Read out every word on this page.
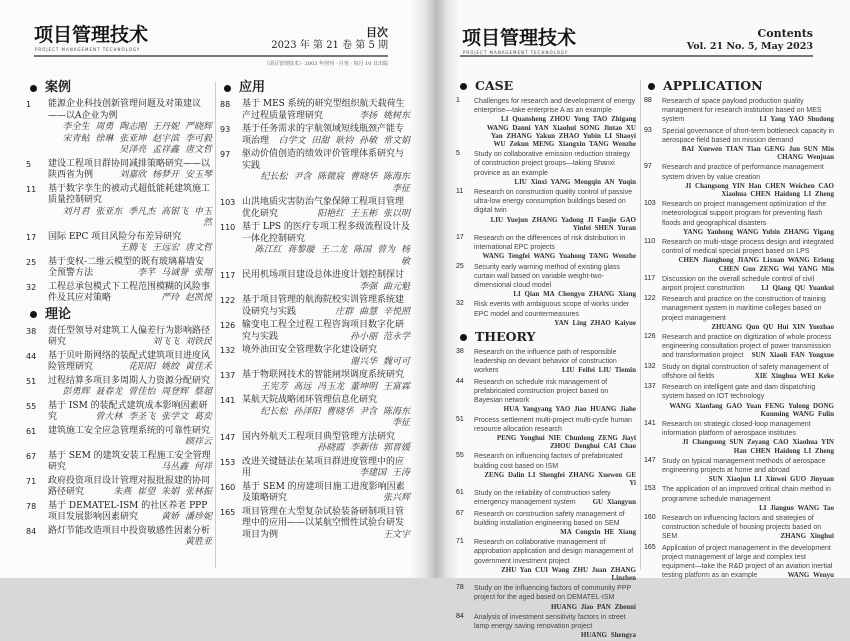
项目管理技术
PROJECT MANAGEMENT TECHNOLOGY
目次
2023 年 第 21 卷 第 5 期
（项目管理技术）· 2003 年创刊 · 月刊 · 每月 10 日出版
案例
1	能源企业科技创新管理问题及对策建议——以A企业为例
李全生 周勇 陶志刚 王丹妮 严晓辉 宋青鲇 徐琳 张亚坤 赵宇滨 李可毅 吴泽亮 孟祥鑫 唐文哲
5	建设工程项目群协同减排策略研究——以陕西省为例	刘嘉欣 杨梦开 安玉琴
11	基于数字孪生的被动式超低能耗建筑施工质量控制研究
刘月君 张亚东 季凡杰 高银飞 申玉然
17	国际 EPC 项目风险分布差异研究
王腾飞 王远宏 唐文哲
25	基于变权-二维云模型的既有玻璃幕墙安全预警方法	李芊 马诚誉 张翔
32	工程总承包模式下工程范围模糊的风险事件及其应对策略	严玲 赵凯悦
理论
38	责任型领导对建筑工人偏差行为影响路径研究	刘飞飞 刘铁民
44	基于贝叶斯网络的装配式建筑项目进度风险管理研究	花阳阳 姚皎 黄佳禾
51	过程结算多项目多周期人力资源分配研究
彭勇辉 聂春龙 曾佳怡 周登辉 蔡超
55	基于 ISM 的装配式建筑成本影响因素研究	曾大林 李圣飞 张学文 葛奕
61	建筑施工安全应急管理系统的可靠性研究
顾祥云
67	基于 SEM 的建筑安装工程施工安全管理研究	马丛鑫 何祥
71	政府投资项目设计管理对报批报建的协同路径研究	朱燕 崔望 朱娟 张林振
78	基于 DEMATEL-ISM 的社区养老 PPP 项目发展影响因素研究	黄娇 潘珍妮
84	路灯节能改造项目中投资敏感性因素分析
黄胜亚
应用
88	基于 MES 系统的研究型组织航天载荷生产过程质量管理研究	李扬 姚树东
93	基于任务需求的宇航领域短线瓶颈产能专项治理 白学文 田甜 耿钧 孙敏 常文娟
97	驱动价值创造的绩效评价管理体系研究与实践
纪长松 尹含 陈微宸 曹晓华 陈海东 李征
103 山洪地质灾害防治气象保障工程项目管理优化研究	阳艳红 王玉彬 张以明
110 基于 LPS 的医疗专项工程多级流程设计及一体化控制研究
陈江红 蒋黎璇 王二龙 陈国 曾为 杨敏
117 民用机场项目建设总体进度计划控制探讨
李强 曲元魁
122 基于项目管理的航海院校实训管理系统建设研究与实践	庄群 曲慧 辛悦照
126 输变电工程全过程工程咨询项目数字化研究与实践	孙小丽 范永学
132 境外油田安全管理数字化建设研究
谢兴华 魏可可
137 基于物联网技术的智能闸坝调度系统研究
王宪芳 高远 冯玉龙 董坤明 王富霖
141 某航天院战略闭环管理信息化研究
纪长松 孙泽阳 曹晓华 尹含 陈海东 李征
147 国内外航天工程项目典型管理方法研究
孙晓霞 李新伟 郭晋媛
153 改进关键链法在某项目群进度管理中的应用	李建国 王涛
160 基于 SEM 的房建项目施工进度影响因素及策略研究	张兴辉
165 项目管理在大型复杂试验装备研制项目管理中的应用——以某航空惯性试验台研发项目为例	王文宇
项目管理技术
PROJECT MANAGEMENT TECHNOLOGY
Contents
Vol. 21 No. 5, May 2023
CASE
1	Challenges for research and development of energy enterprise—take enterprise A as an example
LI Quansheng ZHOU Yong TAO Zhigang WANG Danni YAN Xiaohui SONG Jintao XU Yan ZHANG Yakun ZHAO Yubin LI Shaoyi WU Zekun MENG Xiangxin TANG Wenzhe
5	Study on collaborative emission reduction strategy of construction project groups—taking Shanxi province as an example
LIU Xinxi YANG Mengqin AN Yuqin
11	Research on construction quality control of passive ultra-low energy consumption buildings based on digital twin
LIU Yuejun ZHANG Yadong JI Fanjie GAO Yinfei SHEN Yuran
17	Research on the differences of risk distribution in international EPC projects
WANG Tengfei WANG Yuahong TANG Wenzhe
25	Security early warning method of existing glass curtain wall based on variable weight-two-dimensional cloud model
LI Qian MA Chengyu ZHANG Xiang
32	Risk events with ambiguous scope of works under EPC model and countermeasures
YAN Ling ZHAO Kaiyue
THEORY
38	Research on the influence path of responsible leadership on deviant behavior of construction workers	LIU Feifei LIU Tiemin
44	Research on schedule risk management of prefabricated construction project based on Bayesian network
HUA Yangyang YAO Jiao HUANG Jiahe
51	Process settlement multi-project multi-cycle human resource allocation research
PENG Yonghui NIE Chunlong ZENG Jiayi ZHOU Denghui CAI Chao
55	Research on influencing factors of prefabricated building cost based on ISM
ZENG Dalin LI Shengfei ZHANG Xuewen GE Yi
61	Study on the reliability of construction safety emergency management system GU Xiangyun
67	Research on construction safety management of building installation engineering based on SEM
MA Congxin HE Xiang
71	Research on collaborative management of approbation application and design management of government investment project
ZHU Yan CUI Wang ZHU Juan ZHANG Linzhen
78	Study on the influencing factors of community PPP project for the aged based on DEMATEL-ISM
HUANG Jiao PAN Zhenni
84	Analysis of investment sensitivity factors in street lamp energy saving renovation project
HUANG Shengya
APPLICATION
88	Research of space payload production quality management for research institution based on MES system	LI Yang YAO Shudong
93	Special governance of short-term bottleneck capacity in aerospace field based on mission demand
BAI Xuewen TIAN Tian GENG Jun SUN Min CHANG Wenjuan
97	Research and practice of performance management system driven by value creation
JI Changsong YIN Han CHEN Weichen CAO Xiaohua CHEN Haidong LI Zheng
103 Research on project management optimization of the meteorological support program for preventing flash floods and geographical disasters
YANG Yanhong WANG Yubin ZHANG Yigang
110 Research on multi-stage process design and integrated control of medical special project based on LPS
CHEN Jianghong JIANG Lixuan WANG Erlong CHEN Guo ZENG Wei YANG Min
117 Discussion on the overall schedule control of civil airport project construction LI Qiang QU Yuankui
122 Research and practice on the construction of training management system in maritime colleges based on project management
ZHUANG Qun QU Hui XIN Yuezhao
126 Research and practice on digitization of whole process engineering consultation project of power transmission and transformation project SUN Xiaoli FAN Yongxue
132 Study on digital construction of safety management of offshore oil fields	XIE Xinghua WEI Keke
137 Research on intelligent gate and dam dispatching system based on IOT technology
WANG Xianfang GAO Yuan FENG Yulong DONG Kunming WANG Fulin
141 Research on strategic closed-loop management information platform of aerospace institutes
JI Changsong SUN Zeyang CAO Xiaohua YIN Han CHEN Haidong LI Zheng
147 Study on typical management methods of aerospace engineering projects at home and abroad
SUN Xiaojun LI Xinwei GUO Jinyuan
153 The application of an improved critical chain method in programme schedule management
LI Jianguo WANG Tao
160 Research on influencing factors and strategies of construction schedule of housing projects based on SEM	ZHANG Xinghui
165 Application of project management in the development project management of large and complex test equipment—take the R&D project of an aviation inertial testing platform as an example	WANG Wenyu
